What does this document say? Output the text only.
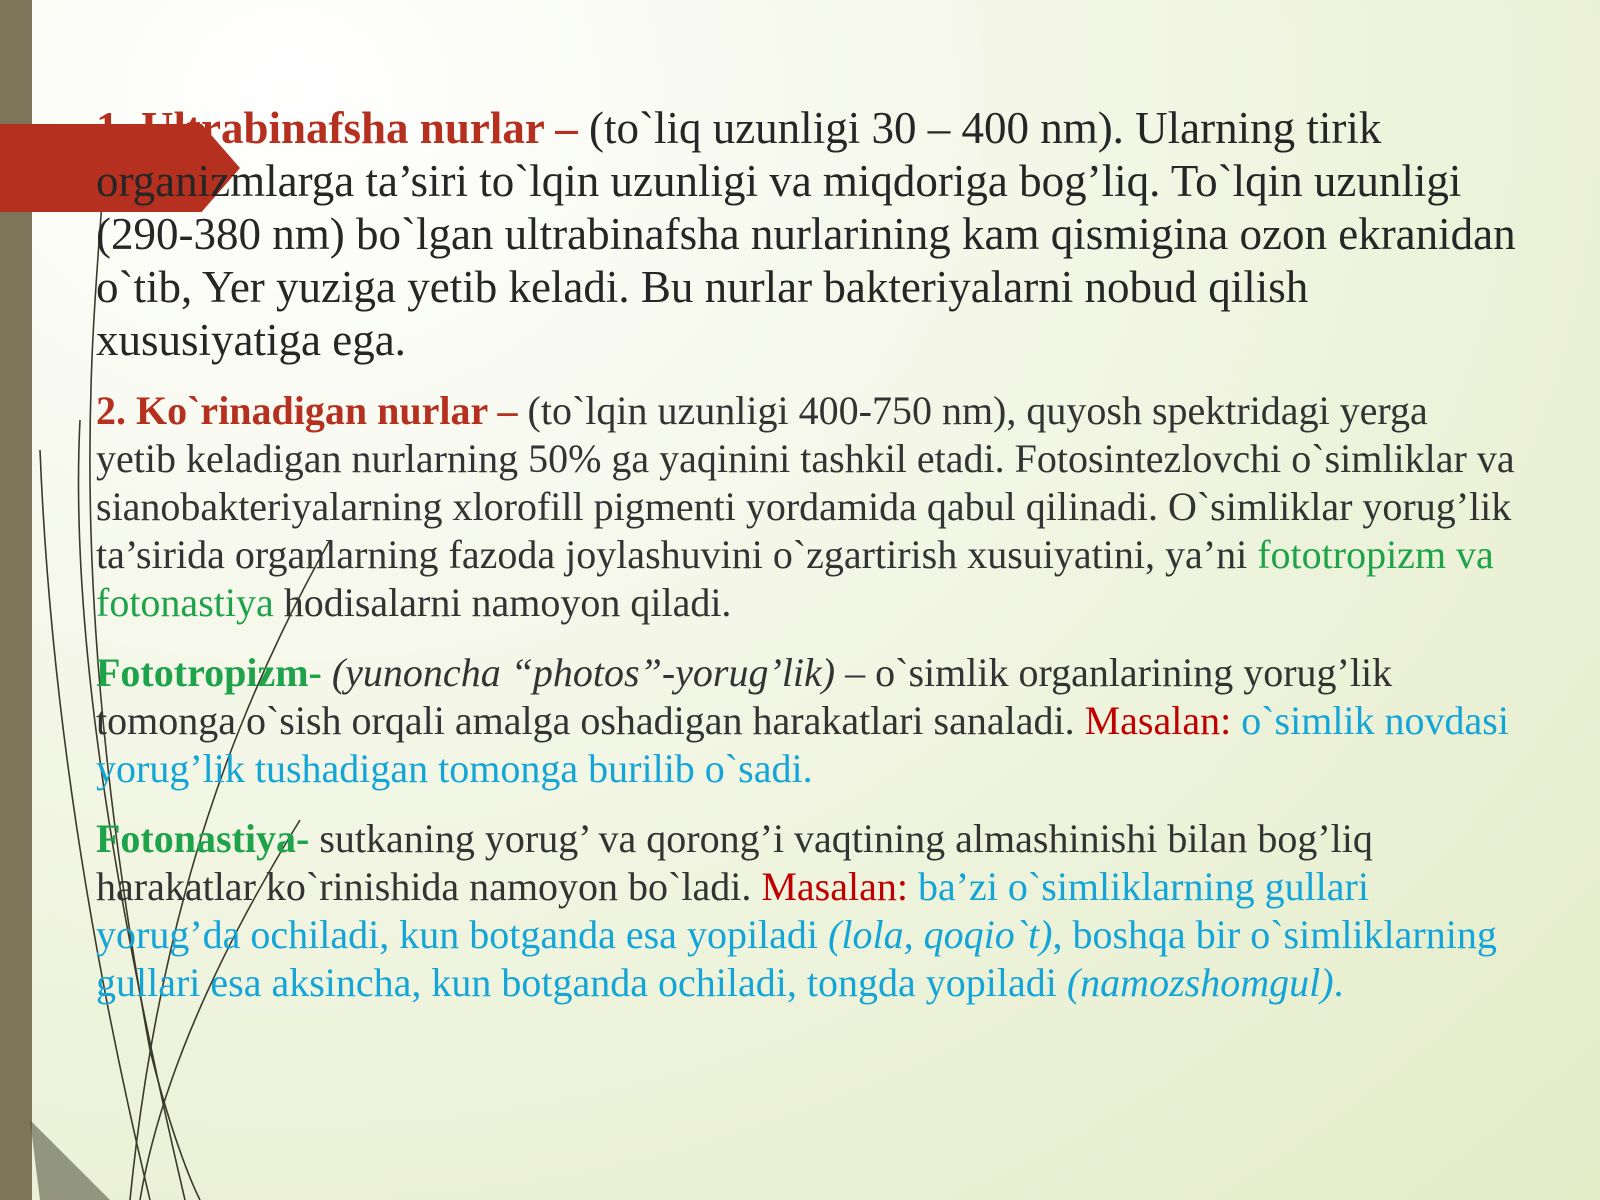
1. Ultrabinafsha nurlar – (to`liq uzunligi 30 – 400 nm). Ularning tirik organizmlarga ta’siri to`lqin uzunligi va miqdoriga bog’liq. To`lqin uzunligi (290-380 nm) bo`lgan ultrabinafsha nurlarining kam qismigina ozon ekranidan o`tib, Yer yuziga yetib keladi. Bu nurlar bakteriyalarni nobud qilish xususiyatiga ega.

2. Ko`rinadigan nurlar – (to`lqin uzunligi 400-750 nm), quyosh spektridagi yerga yetib keladigan nurlarning 50% ga yaqinini tashkil etadi. Fotosintezlovchi o`simliklar va sianobakteriyalarning xlorofill pigmenti yordamida qabul qilinadi. O`simliklar yorug’lik ta’sirida organlarning fazoda joylashuvini o`zgartirish xusuiyatini, ya’ni fototropizm va fotonastiya hodisalarni namoyon qiladi.

Fototropizm- (yunoncha “photos”-yorug’lik) – o`simlik organlarining yorug’lik tomonga o`sish orqali amalga oshadigan harakatlari sanaladi. Masalan: o`simlik novdasi yorug’lik tushadigan tomonga burilib o`sadi.

Fotonastiya- sutkaning yorug’ va qorong’i vaqtining almashinishi bilan bog’liq harakatlar ko`rinishida namoyon bo`ladi. Masalan: ba’zi o`simliklarning gullari yorug’da ochiladi, kun botganda esa yopiladi (lola, qoqio`t), boshqa bir o`simliklarning gullari esa aksincha, kun botganda ochiladi, tongda yopiladi (namozshomgul).
